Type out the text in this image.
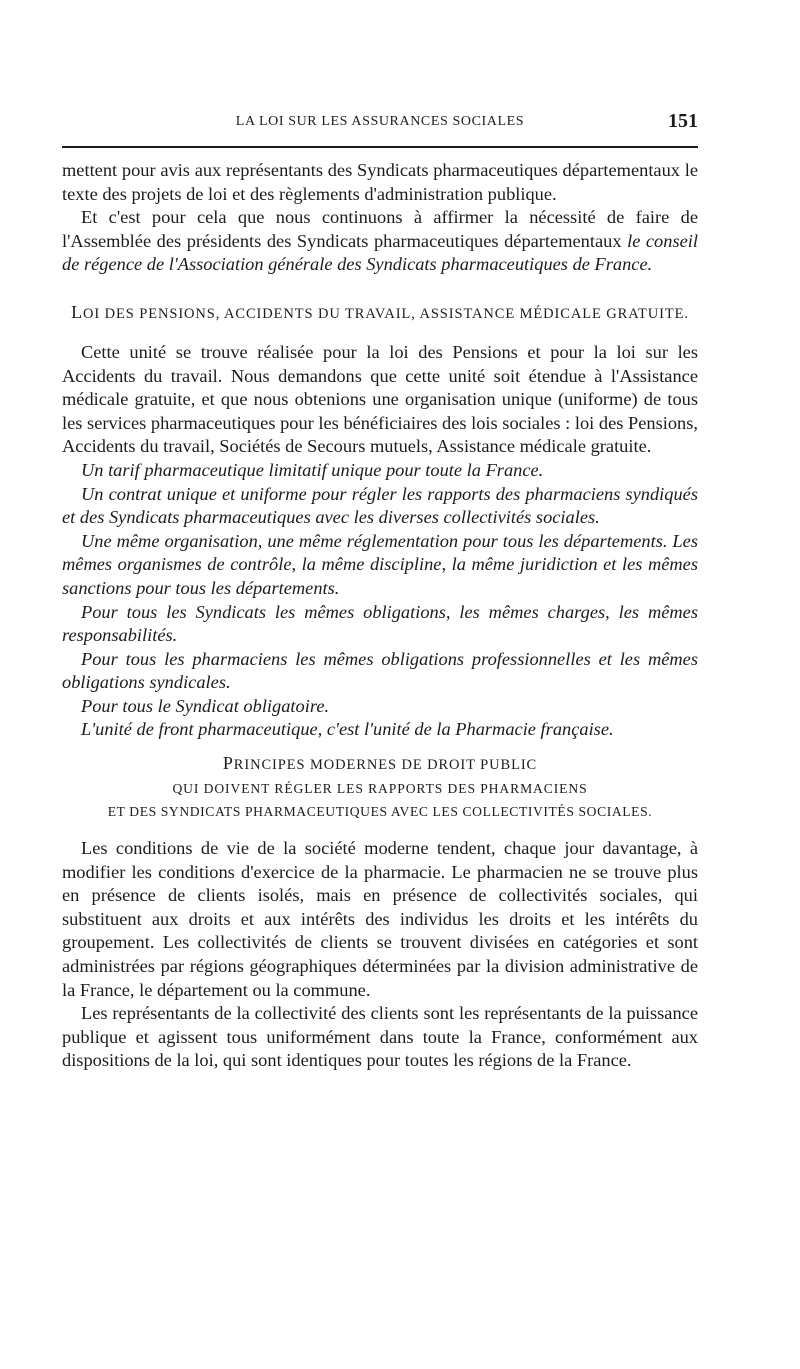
LA LOI SUR LES ASSURANCES SOCIALES	151

mettent pour avis aux représentants des Syndicats pharmaceutiques départementaux le texte des projets de loi et des règlements d'administration publique.

Et c'est pour cela que nous continuons à affirmer la nécessité de faire de l'Assemblée des présidents des Syndicats pharmaceutiques départementaux le conseil de régence de l'Association générale des Syndicats pharmaceutiques de France.

LOI DES PENSIONS, ACCIDENTS DU TRAVAIL, ASSISTANCE MÉDICALE GRATUITE.

Cette unité se trouve réalisée pour la loi des Pensions et pour la loi sur les Accidents du travail. Nous demandons que cette unité soit étendue à l'Assistance médicale gratuite, et que nous obtenions une organisation unique (uniforme) de tous les services pharmaceutiques pour les bénéficiaires des lois sociales : loi des Pensions, Accidents du travail, Sociétés de Secours mutuels, Assistance médicale gratuite.

Un tarif pharmaceutique limitatif unique pour toute la France.

Un contrat unique et uniforme pour régler les rapports des pharmaciens syndiqués et des Syndicats pharmaceutiques avec les diverses collectivités sociales.

Une même organisation, une même réglementation pour tous les départements. Les mêmes organismes de contrôle, la même discipline, la même juridiction et les mêmes sanctions pour tous les départements.

Pour tous les Syndicats les mêmes obligations, les mêmes charges, les mêmes responsabilités.

Pour tous les pharmaciens les mêmes obligations professionnelles et les mêmes obligations syndicales.

Pour tous le Syndicat obligatoire.

L'unité de front pharmaceutique, c'est l'unité de la Pharmacie française.

PRINCIPES MODERNES DE DROIT PUBLIC
QUI DOIVENT RÉGLER LES RAPPORTS DES PHARMACIENS
ET DES SYNDICATS PHARMACEUTIQUES AVEC LES COLLECTIVITÉS SOCIALES.

Les conditions de vie de la société moderne tendent, chaque jour davantage, à modifier les conditions d'exercice de la pharmacie. Le pharmacien ne se trouve plus en présence de clients isolés, mais en présence de collectivités sociales, qui substituent aux droits et aux intérêts des individus les droits et les intérêts du groupement. Les collectivités de clients se trouvent divisées en catégories et sont administrées par régions géographiques déterminées par la division administrative de la France, le département ou la commune.

Les représentants de la collectivité des clients sont les représentants de la puissance publique et agissent tous uniformément dans toute la France, conformément aux dispositions de la loi, qui sont identiques pour toutes les régions de la France.
